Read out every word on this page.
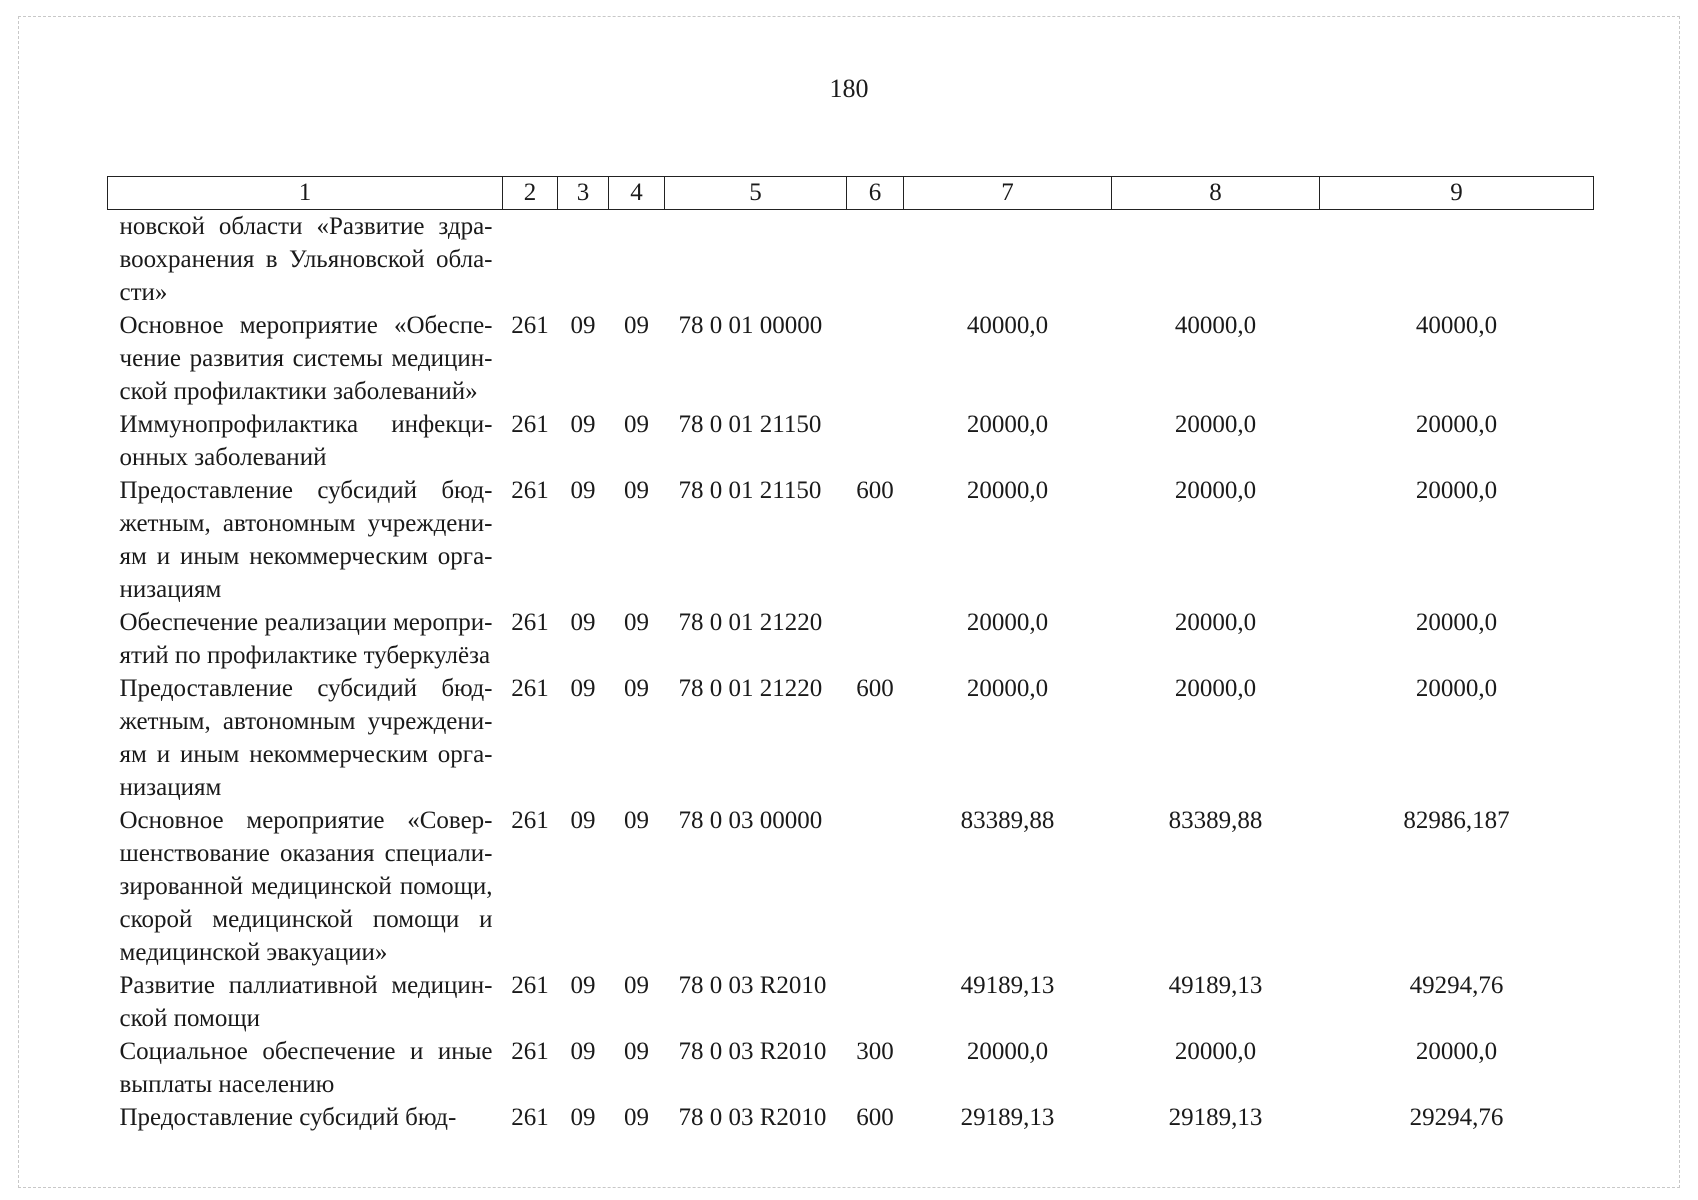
180
1	2	3	4	5	6	7	8	9

новской области «Развитие здра-
воохранения в Ульяновской обла-
сти»								

Основное мероприятие «Обеспе-
чение развития системы медицин-
ской профилактики заболеваний»	261	09	09	78 0 01 00000		40000,0	40000,0	40000,0

Иммунопрофилактика инфекци-
онных заболеваний	261	09	09	78 0 01 21150		20000,0	20000,0	20000,0

Предоставление субсидий бюд-
жетным, автономным учреждени-
ям и иным некоммерческим орга-
низациям	261	09	09	78 0 01 21150	600	20000,0	20000,0	20000,0

Обеспечение реализации меропри-
ятий по профилактике туберкулёза	261	09	09	78 0 01 21220		20000,0	20000,0	20000,0

Предоставление субсидий бюд-
жетным, автономным учреждени-
ям и иным некоммерческим орга-
низациям	261	09	09	78 0 01 21220	600	20000,0	20000,0	20000,0

Основное мероприятие «Совер-
шенствование оказания специали-
зированной медицинской помощи,
скорой медицинской помощи и
медицинской эвакуации»	261	09	09	78 0 03 00000		83389,88	83389,88	82986,187

Развитие паллиативной медицин-
ской помощи	261	09	09	78 0 03 R2010		49189,13	49189,13	49294,76

Социальное обеспечение и иные
выплаты населению	261	09	09	78 0 03 R2010	300	20000,0	20000,0	20000,0

Предоставление субсидий бюд-	261	09	09	78 0 03 R2010	600	29189,13	29189,13	29294,76
